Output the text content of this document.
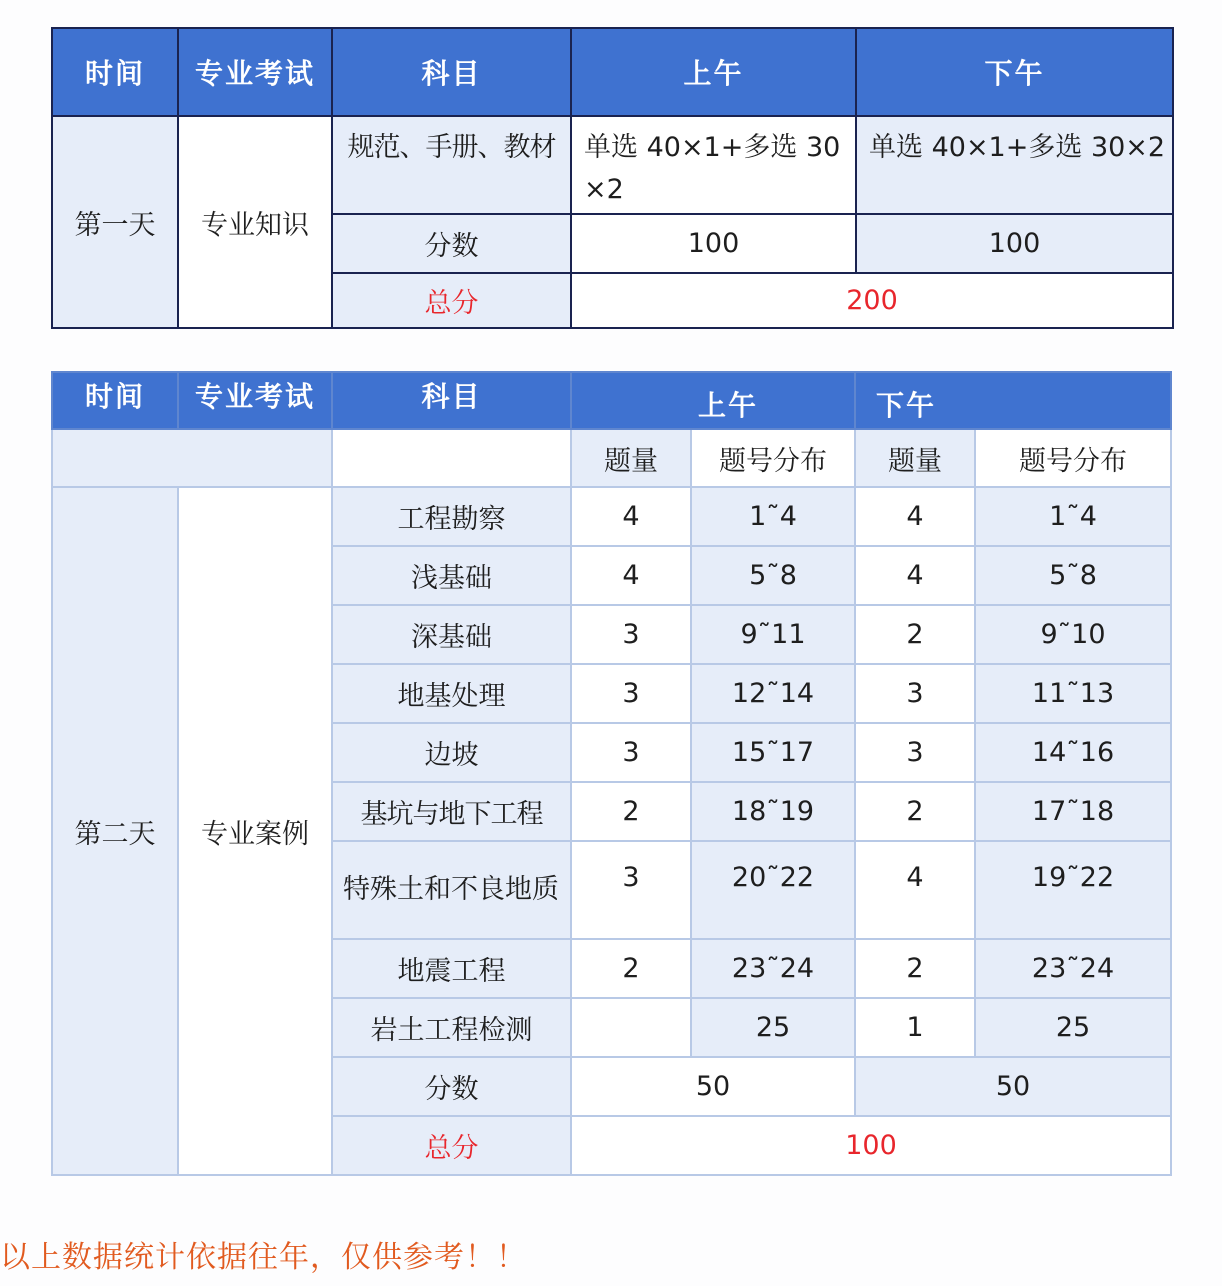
时间	专业考试	科目	上午	下午
第一天	专业知识	规范、手册、教材	单选 40×1+多选 30×2	单选 40×1+多选 30×2
		分数	100	100
		总分	200	
时间	专业考试	科目	上午		下午	
			题量	题号分布	题量	题号分布
第二天	专业案例	工程勘察	4	1˜4	4	1˜4
		浅基础	4	5˜8	4	5˜8
		深基础	3	9˜11	2	9˜10
		地基处理	3	12˜14	3	11˜13
		边坡	3	15˜17	3	14˜16
		基坑与地下工程	2	18˜19	2	17˜18
		特殊土和不良地质	3	20˜22	4	19˜22
		地震工程	2	23˜24	2	23˜24
		岩土工程检测		25	1	25
		分数	50		50	
		总分	100			
以上数据统计依据往年，仅供参考！！
